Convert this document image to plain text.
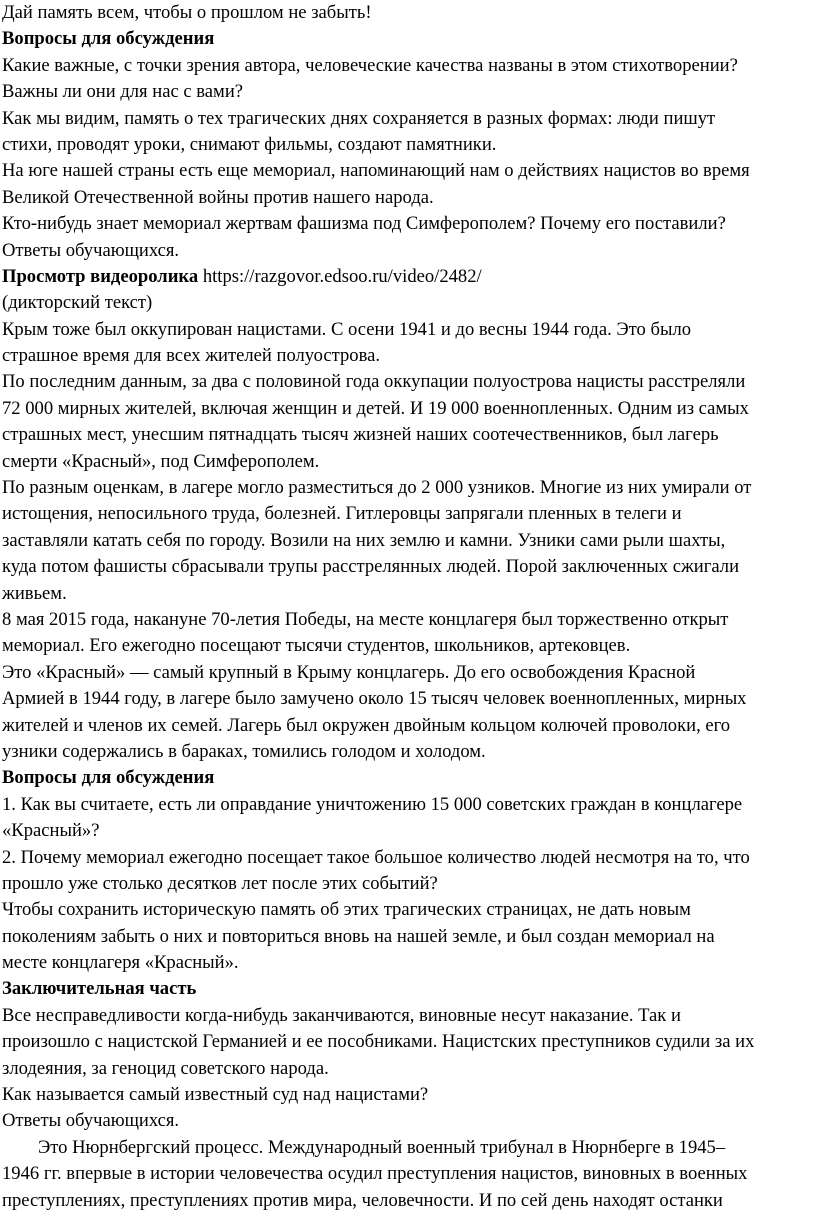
Дай память всем, чтобы о прошлом не забыть!

Вопросы для обсуждения

Какие важные, с точки зрения автора, человеческие качества названы в этом стихотворении?

Важны ли они для нас с вами?

Как мы видим, память о тех трагических днях сохраняется в разных формах: люди пишут

стихи, проводят уроки, снимают фильмы, создают памятники.

На юге нашей страны есть еще мемориал, напоминающий нам о действиях нацистов во время

Великой Отечественной войны против нашего народа.

Кто-нибудь знает мемориал жертвам фашизма под Симферополем? Почему его поставили?

Ответы обучающихся.

Просмотр видеоролика https://razgovor.edsoo.ru/video/2482/

(дикторский текст)

Крым тоже был оккупирован нацистами. С осени 1941 и до весны 1944 года. Это было

страшное время для всех жителей полуострова.

По последним данным, за два с половиной года оккупации полуострова нацисты расстреляли

72 000 мирных жителей, включая женщин и детей. И 19 000 военнопленных. Одним из самых

страшных мест, унесшим пятнадцать тысяч жизней наших соотечественников, был лагерь

смерти «Красный», под Симферополем.

По разным оценкам, в лагере могло разместиться до 2 000 узников. Многие из них умирали от

истощения, непосильного труда, болезней. Гитлеровцы запрягали пленных в телеги и

заставляли катать себя по городу. Возили на них землю и камни. Узники сами рыли шахты,

куда потом фашисты сбрасывали трупы расстрелянных людей. Порой заключенных сжигали

живьем.

8 мая 2015 года, накануне 70-летия Победы, на месте концлагеря был торжественно открыт

мемориал. Его ежегодно посещают тысячи студентов, школьников, артековцев.

Это «Красный» — самый крупный в Крыму концлагерь. До его освобождения Красной

Армией в 1944 году, в лагере было замучено около 15 тысяч человек военнопленных, мирных

жителей и членов их семей. Лагерь был окружен двойным кольцом колючей проволоки, его

узники содержались в бараках, томились голодом и холодом.

Вопросы для обсуждения

1. Как вы считаете, есть ли оправдание уничтожению 15 000 советских граждан в концлагере

«Красный»?

2. Почему мемориал ежегодно посещает такое большое количество людей несмотря на то, что

прошло уже столько десятков лет после этих событий?

Чтобы сохранить историческую память об этих трагических страницах, не дать новым

поколениям забыть о них и повториться вновь на нашей земле, и был создан мемориал на

месте концлагеря «Красный».

Заключительная часть

Все несправедливости когда-нибудь заканчиваются, виновные несут наказание. Так и

произошло с нацистской Германией и ее пособниками. Нацистских преступников судили за их

злодеяния, за геноцид советского народа.

Как называется самый известный суд над нацистами?

Ответы обучающихся.

Это Нюрнбергский процесс. Международный военный трибунал в Нюрнберге в 1945–

1946 гг. впервые в истории человечества осудил преступления нацистов, виновных в военных

преступлениях, преступлениях против мира, человечности. И по сей день находят останки
